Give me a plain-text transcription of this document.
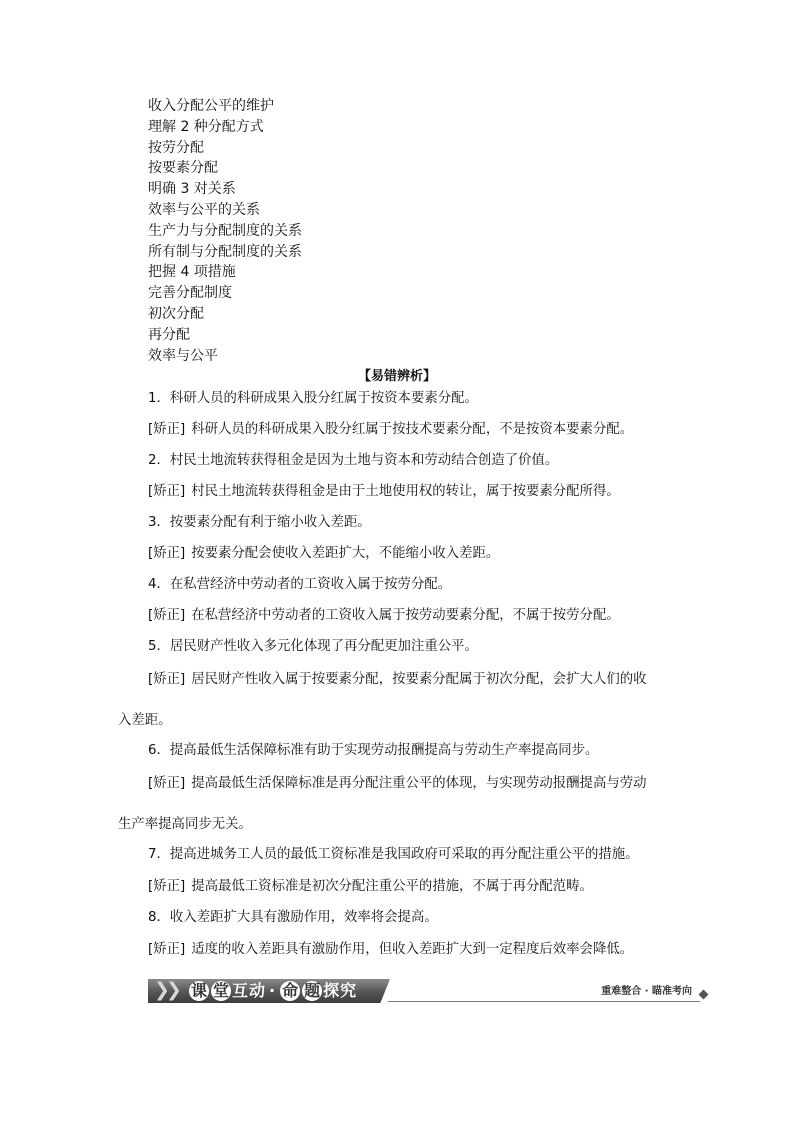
收入分配公平的维护
理解 2 种分配方式
按劳分配
按要素分配
明确 3 对关系
效率与公平的关系
生产力与分配制度的关系
所有制与分配制度的关系
把握 4 项措施
完善分配制度
初次分配
再分配
效率与公平
【易错辨析】
1．科研人员的科研成果入股分红属于按资本要素分配。
[矫正] 科研人员的科研成果入股分红属于按技术要素分配，不是按资本要素分配。
2．村民土地流转获得租金是因为土地与资本和劳动结合创造了价值。
[矫正] 村民土地流转获得租金是由于土地使用权的转让，属于按要素分配所得。
3．按要素分配有利于缩小收入差距。
[矫正] 按要素分配会使收入差距扩大，不能缩小收入差距。
4．在私营经济中劳动者的工资收入属于按劳分配。
[矫正] 在私营经济中劳动者的工资收入属于按劳动要素分配，不属于按劳分配。
5．居民财产性收入多元化体现了再分配更加注重公平。
[矫正] 居民财产性收入属于按要素分配，按要素分配属于初次分配，会扩大人们的收
入差距。
6．提高最低生活保障标准有助于实现劳动报酬提高与劳动生产率提高同步。
[矫正] 提高最低生活保障标准是再分配注重公平的体现，与实现劳动报酬提高与劳动
生产率提高同步无关。
7．提高进城务工人员的最低工资标准是我国政府可采取的再分配注重公平的措施。
[矫正] 提高最低工资标准是初次分配注重公平的措施，不属于再分配范畴。
8．收入差距扩大具有激励作用，效率将会提高。
[矫正] 适度的收入差距具有激励作用，但收入差距扩大到一定程度后效率会降低。
❯
❯ 课 堂 互动 · 命 题 探究	重难整合 · 瞄准考向
